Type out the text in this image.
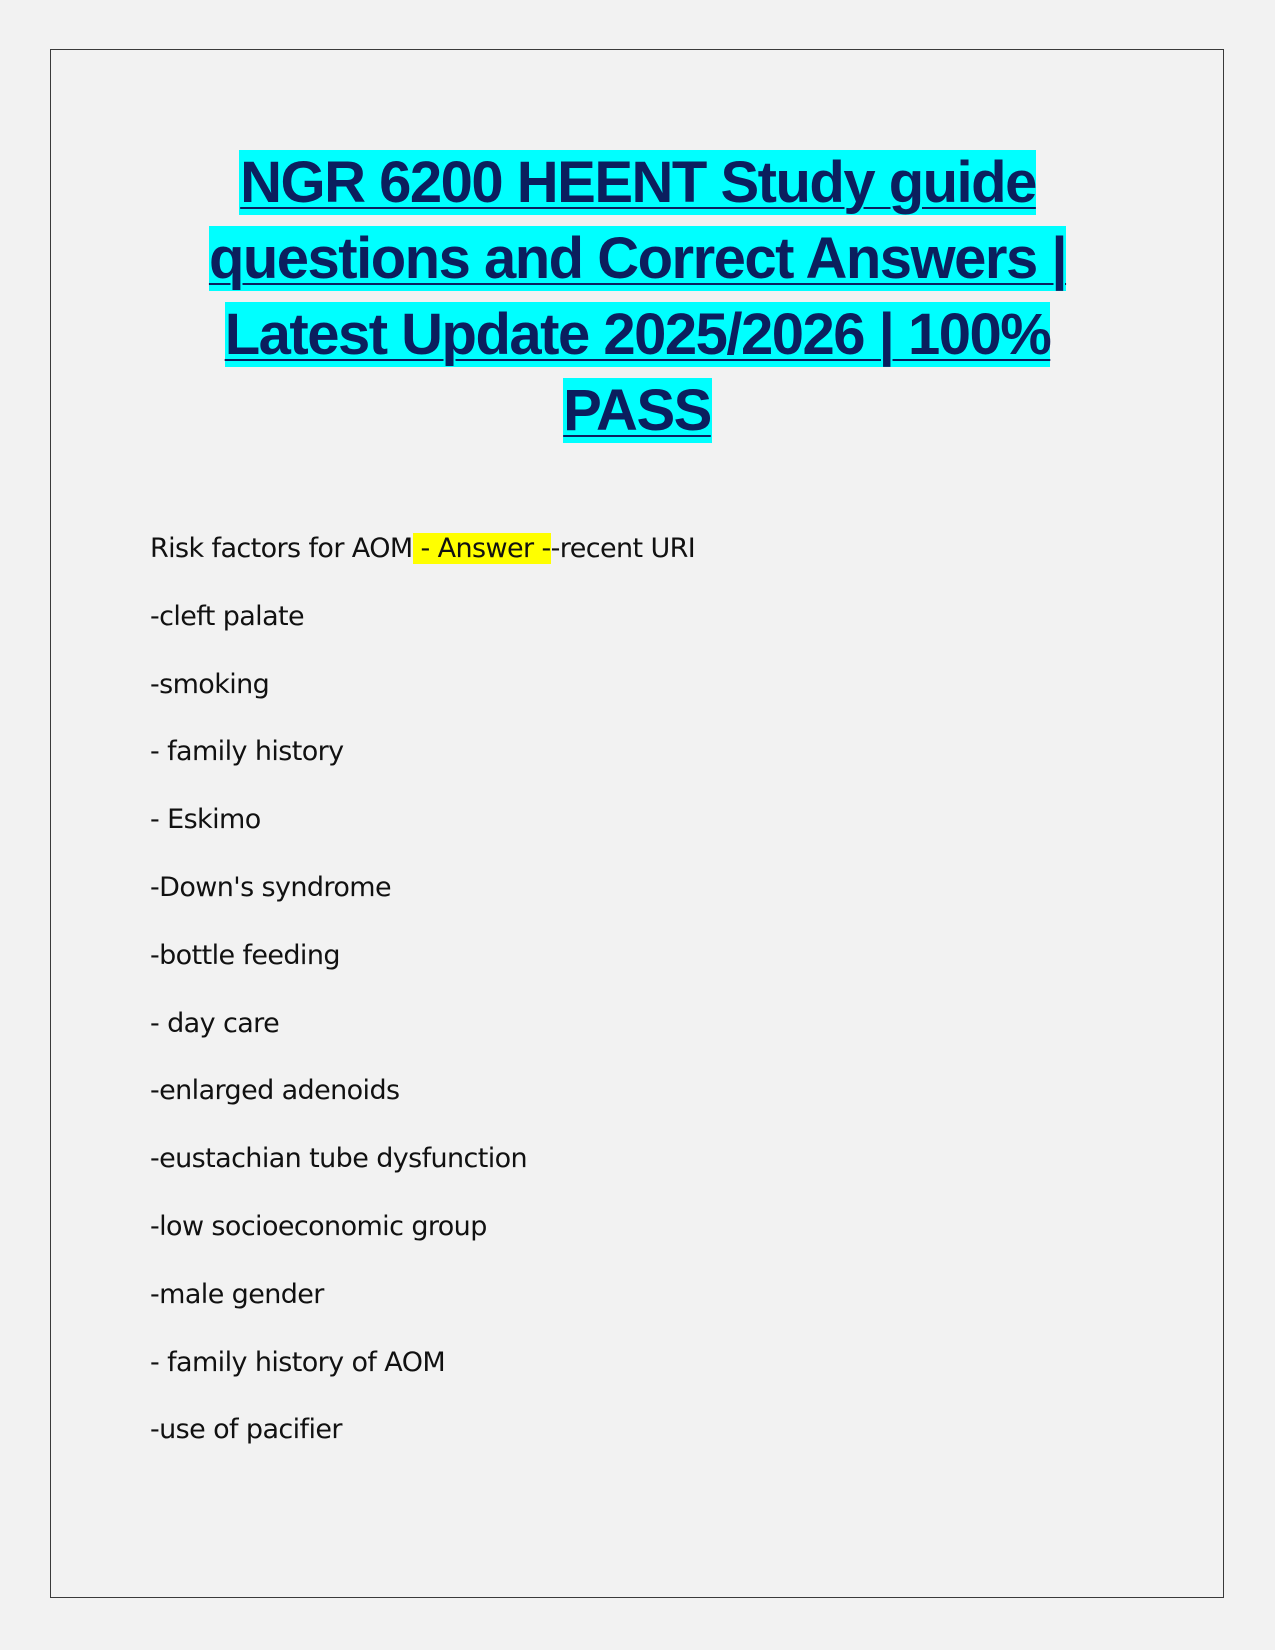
NGR 6200 HEENT Study guide questions and Correct Answers | Latest Update 2025/2026 | 100% PASS
Risk factors for AOM - Answer --recent URI
-cleft palate
-smoking
- family history
- Eskimo
-Down's syndrome
-bottle feeding
- day care
-enlarged adenoids
-eustachian tube dysfunction
-low socioeconomic group
-male gender
- family history of AOM
-use of pacifier
